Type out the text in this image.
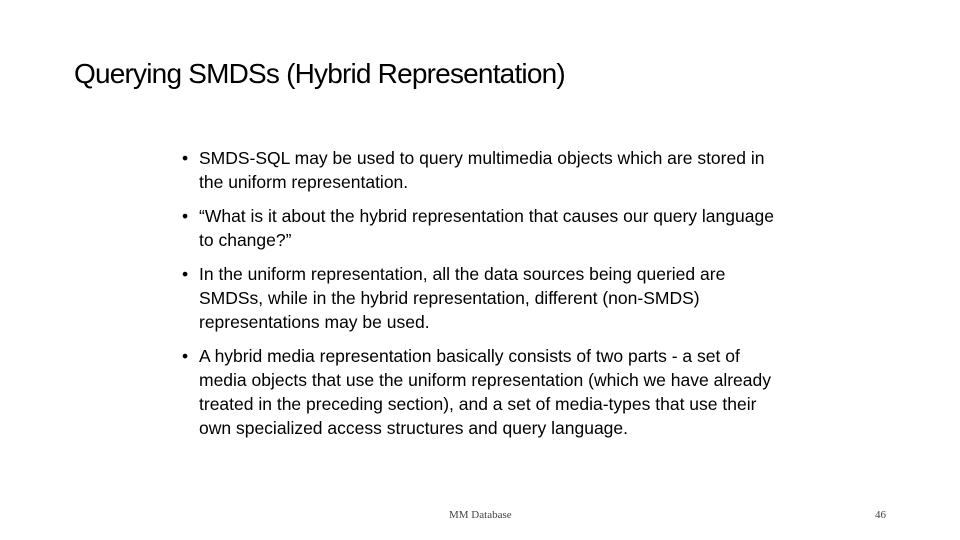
Querying SMDSs (Hybrid Representation)
• SMDS-SQL may be used to query multimedia objects which are stored in the uniform representation.
• “What is it about the hybrid representation that causes our query language to change?”
• In the uniform representation, all the data sources being queried are SMDSs, while in the hybrid representation, different (non-SMDS) representations may be used.
• A hybrid media representation basically consists of two parts - a set of media objects that use the uniform representation (which we have already treated in the preceding section), and a set of media-types that use their own specialized access structures and query language.
MM Database	46
